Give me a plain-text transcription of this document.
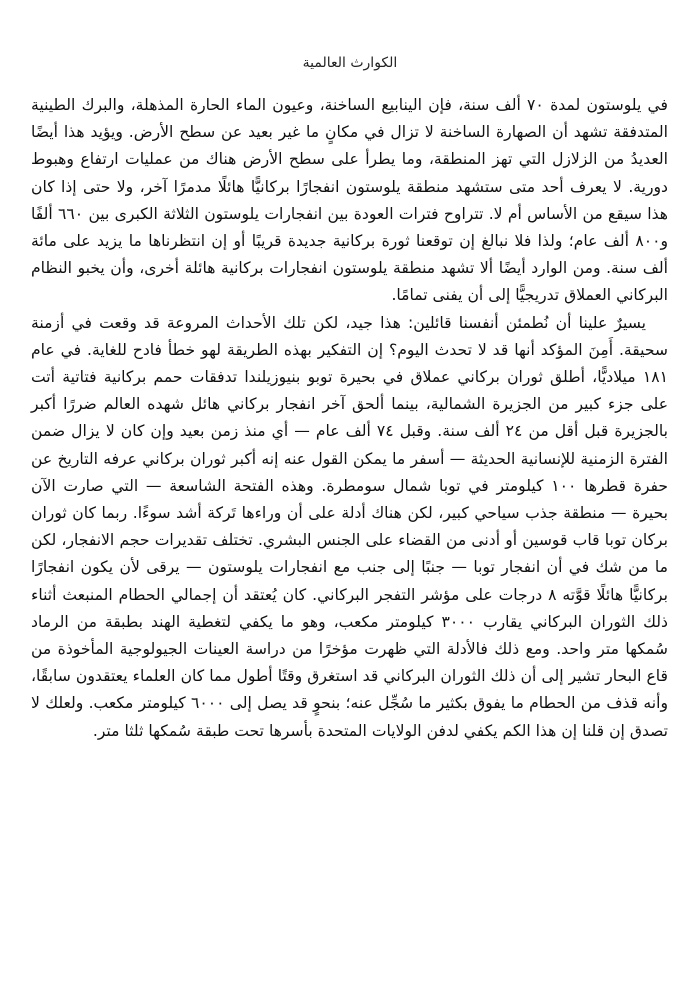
الكوارث العالمية

في يلوستون لمدة ٧٠ ألف سنة، فإن الينابيع الساخنة، وعيون الماء الحارة المذهلة، والبرك الطينية المتدفقة تشهد أن الصهارة الساخنة لا تزال في مكانٍ ما غير بعيد عن سطح الأرض. ويؤيد هذا أيضًا العديدُ من الزلازل التي تهز المنطقة، وما يطرأ على سطح الأرض هناك من عمليات ارتفاع وهبوط دورية. لا يعرف أحد متى ستشهد منطقة يلوستون انفجارًا بركانيًّا هائلًا مدمرًا آخر، ولا حتى إذا كان هذا سيقع من الأساس أم لا. تتراوح فترات العودة بين انفجارات يلوستون الثلاثة الكبرى بين ٦٦٠ ألفًا و٨٠٠ ألف عام؛ ولذا فلا نبالغ إن توقعنا ثورة بركانية جديدة قريبًا أو إن انتظرناها ما يزيد على مائة ألف سنة. ومن الوارد أيضًا ألا تشهد منطقة يلوستون انفجارات بركانية هائلة أخرى، وأن يخبو النظام البركاني العملاق تدريجيًّا إلى أن يفنى تمامًا.

يسيرٌ علينا أن نُطمئن أنفسنا قائلين: هذا جيد، لكن تلك الأحداث المروعة قد وقعت في أزمنة سحيقة. أَمِنَ المؤكد أنها قد لا تحدث اليوم؟ إن التفكير بهذه الطريقة لهو خطأ فادح للغاية. في عام ١٨١ ميلاديًّا، أطلق ثوران بركاني عملاق في بحيرة توبو بنيوزيلندا تدفقات حمم بركانية فتاتية أتت على جزء كبير من الجزيرة الشمالية، بينما ألحق آخر انفجار بركاني هائل شهده العالم ضررًا أكبر بالجزيرة قبل أقل من ٢٤ ألف سنة. وقبل ٧٤ ألف عام — أي منذ زمن بعيد وإن كان لا يزال ضمن الفترة الزمنية للإنسانية الحديثة — أسفر ما يمكن القول عنه إنه أكبر ثوران بركاني عرفه التاريخ عن حفرة قطرها ١٠٠ كيلومتر في توبا شمال سومطرة. وهذه الفتحة الشاسعة — التي صارت الآن بحيرة — منطقة جذب سياحي كبير، لكن هناك أدلة على أن وراءها تَركة أشد سوءًا. ربما كان ثوران بركان توبا قاب قوسين أو أدنى من القضاء على الجنس البشري. تختلف تقديرات حجم الانفجار، لكن ما من شك في أن انفجار توبا — جنبًا إلى جنب مع انفجارات يلوستون — يرقى لأن يكون انفجارًا بركانيًّا هائلًا قوَّته ٨ درجات على مؤشر التفجر البركاني. كان يُعتقد أن إجمالي الحطام المنبعث أثناء ذلك الثوران البركاني يقارب ٣٠٠٠ كيلومتر مكعب، وهو ما يكفي لتغطية الهند بطبقة من الرماد سُمكها متر واحد. ومع ذلك فالأدلة التي ظهرت مؤخرًا من دراسة العينات الجيولوجية المأخوذة من قاع البحار تشير إلى أن ذلك الثوران البركاني قد استغرق وقتًا أطول مما كان العلماء يعتقدون سابقًا، وأنه قذف من الحطام ما يفوق بكثير ما سُجِّل عنه؛ بنحوٍ قد يصل إلى ٦٠٠٠ كيلومتر مكعب. ولعلك لا تصدق إن قلنا إن هذا الكم يكفي لدفن الولايات المتحدة بأسرها تحت طبقة سُمكها ثلثا متر.
